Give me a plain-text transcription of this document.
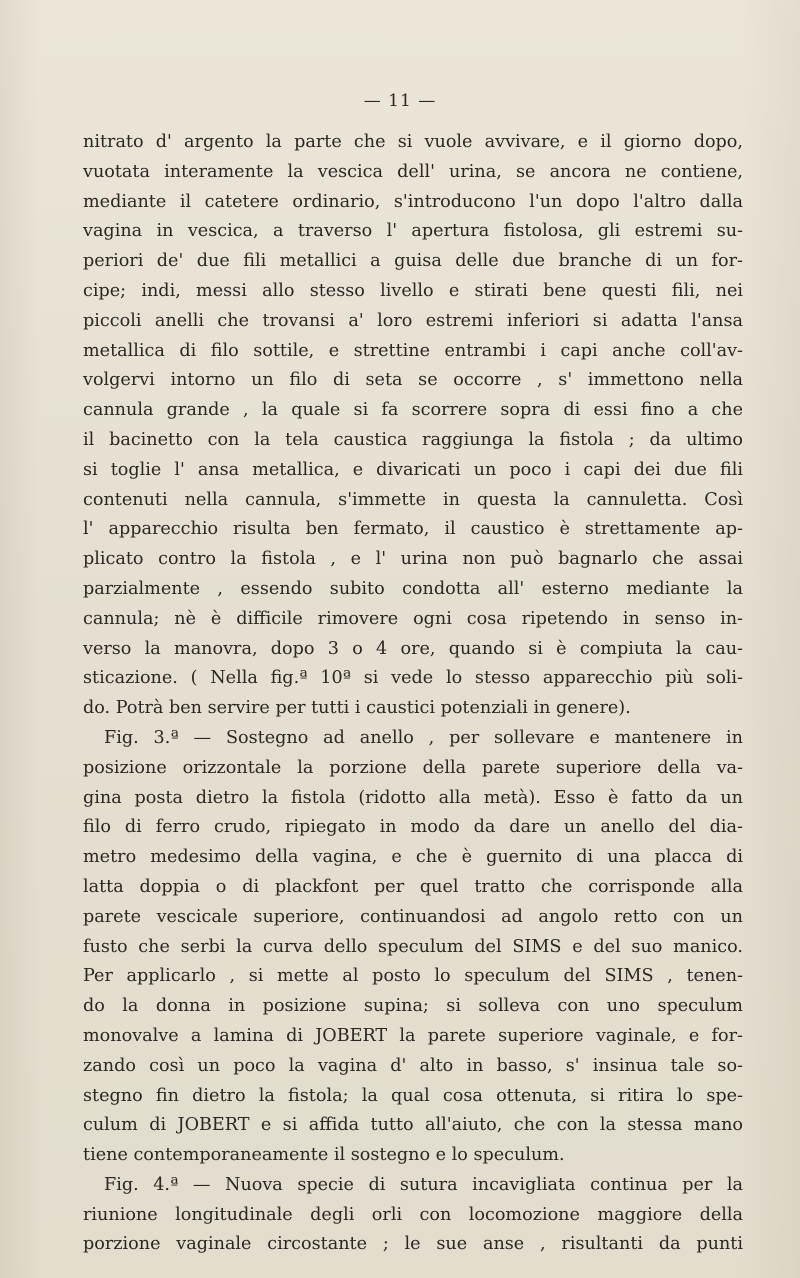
— 11 —
nitrato d' argento la parte che si vuole avvivare, e il giorno dopo,
vuotata interamente la vescica dell' urina, se ancora ne contiene,
mediante il catetere ordinario, s'introducono l'un dopo l'altro dalla
vagina in vescica, a traverso l' apertura fistolosa, gli estremi su-
periori de' due fili metallici a guisa delle due branche di un for-
cipe; indi, messi allo stesso livello e stirati bene questi fili, nei
piccoli anelli che trovansi a' loro estremi inferiori si adatta l'ansa
metallica di filo sottile, e strettine entrambi i capi anche coll'av-
volgervi intorno un filo di seta se occorre , s' immettono nella
cannula grande , la quale si fa scorrere sopra di essi fino a che
il bacinetto con la tela caustica raggiunga la fistola ; da ultimo
si toglie l' ansa metallica, e divaricati un poco i capi dei due fili
contenuti nella cannula, s'immette in questa la cannuletta. Così
l' apparecchio risulta ben fermato, il caustico è strettamente ap-
plicato contro la fistola , e l' urina non può bagnarlo che assai
parzialmente , essendo subito condotta all' esterno mediante la
cannula; nè è difficile rimovere ogni cosa ripetendo in senso in-
verso la manovra, dopo 3 o 4 ore, quando si è compiuta la cau-
sticazione. ( Nella fig.ª 10ª si vede lo stesso apparecchio più soli-
do. Potrà ben servire per tutti i caustici potenziali in genere).
Fig. 3.ª — Sostegno ad anello , per sollevare e mantenere in
posizione orizzontale la porzione della parete superiore della va-
gina posta dietro la fistola (ridotto alla metà). Esso è fatto da un
filo di ferro crudo, ripiegato in modo da dare un anello del dia-
metro medesimo della vagina, e che è guernito di una placca di
latta doppia o di plackfont per quel tratto che corrisponde alla
parete vescicale superiore, continuandosi ad angolo retto con un
fusto che serbi la curva dello speculum del SIMS e del suo manico.
Per applicarlo , si mette al posto lo speculum del SIMS , tenen-
do la donna in posizione supina; si solleva con uno speculum
monovalve a lamina di JOBERT la parete superiore vaginale, e for-
zando così un poco la vagina d' alto in basso, s' insinua tale so-
stegno fin dietro la fistola; la qual cosa ottenuta, si ritira lo spe-
culum di JOBERT e si affida tutto all'aiuto, che con la stessa mano
tiene contemporaneamente il sostegno e lo speculum.
Fig. 4.ª — Nuova specie di sutura incavigliata continua per la
riunione longitudinale degli orli con locomozione maggiore della
porzione vaginale circostante ; le sue anse , risultanti da punti
